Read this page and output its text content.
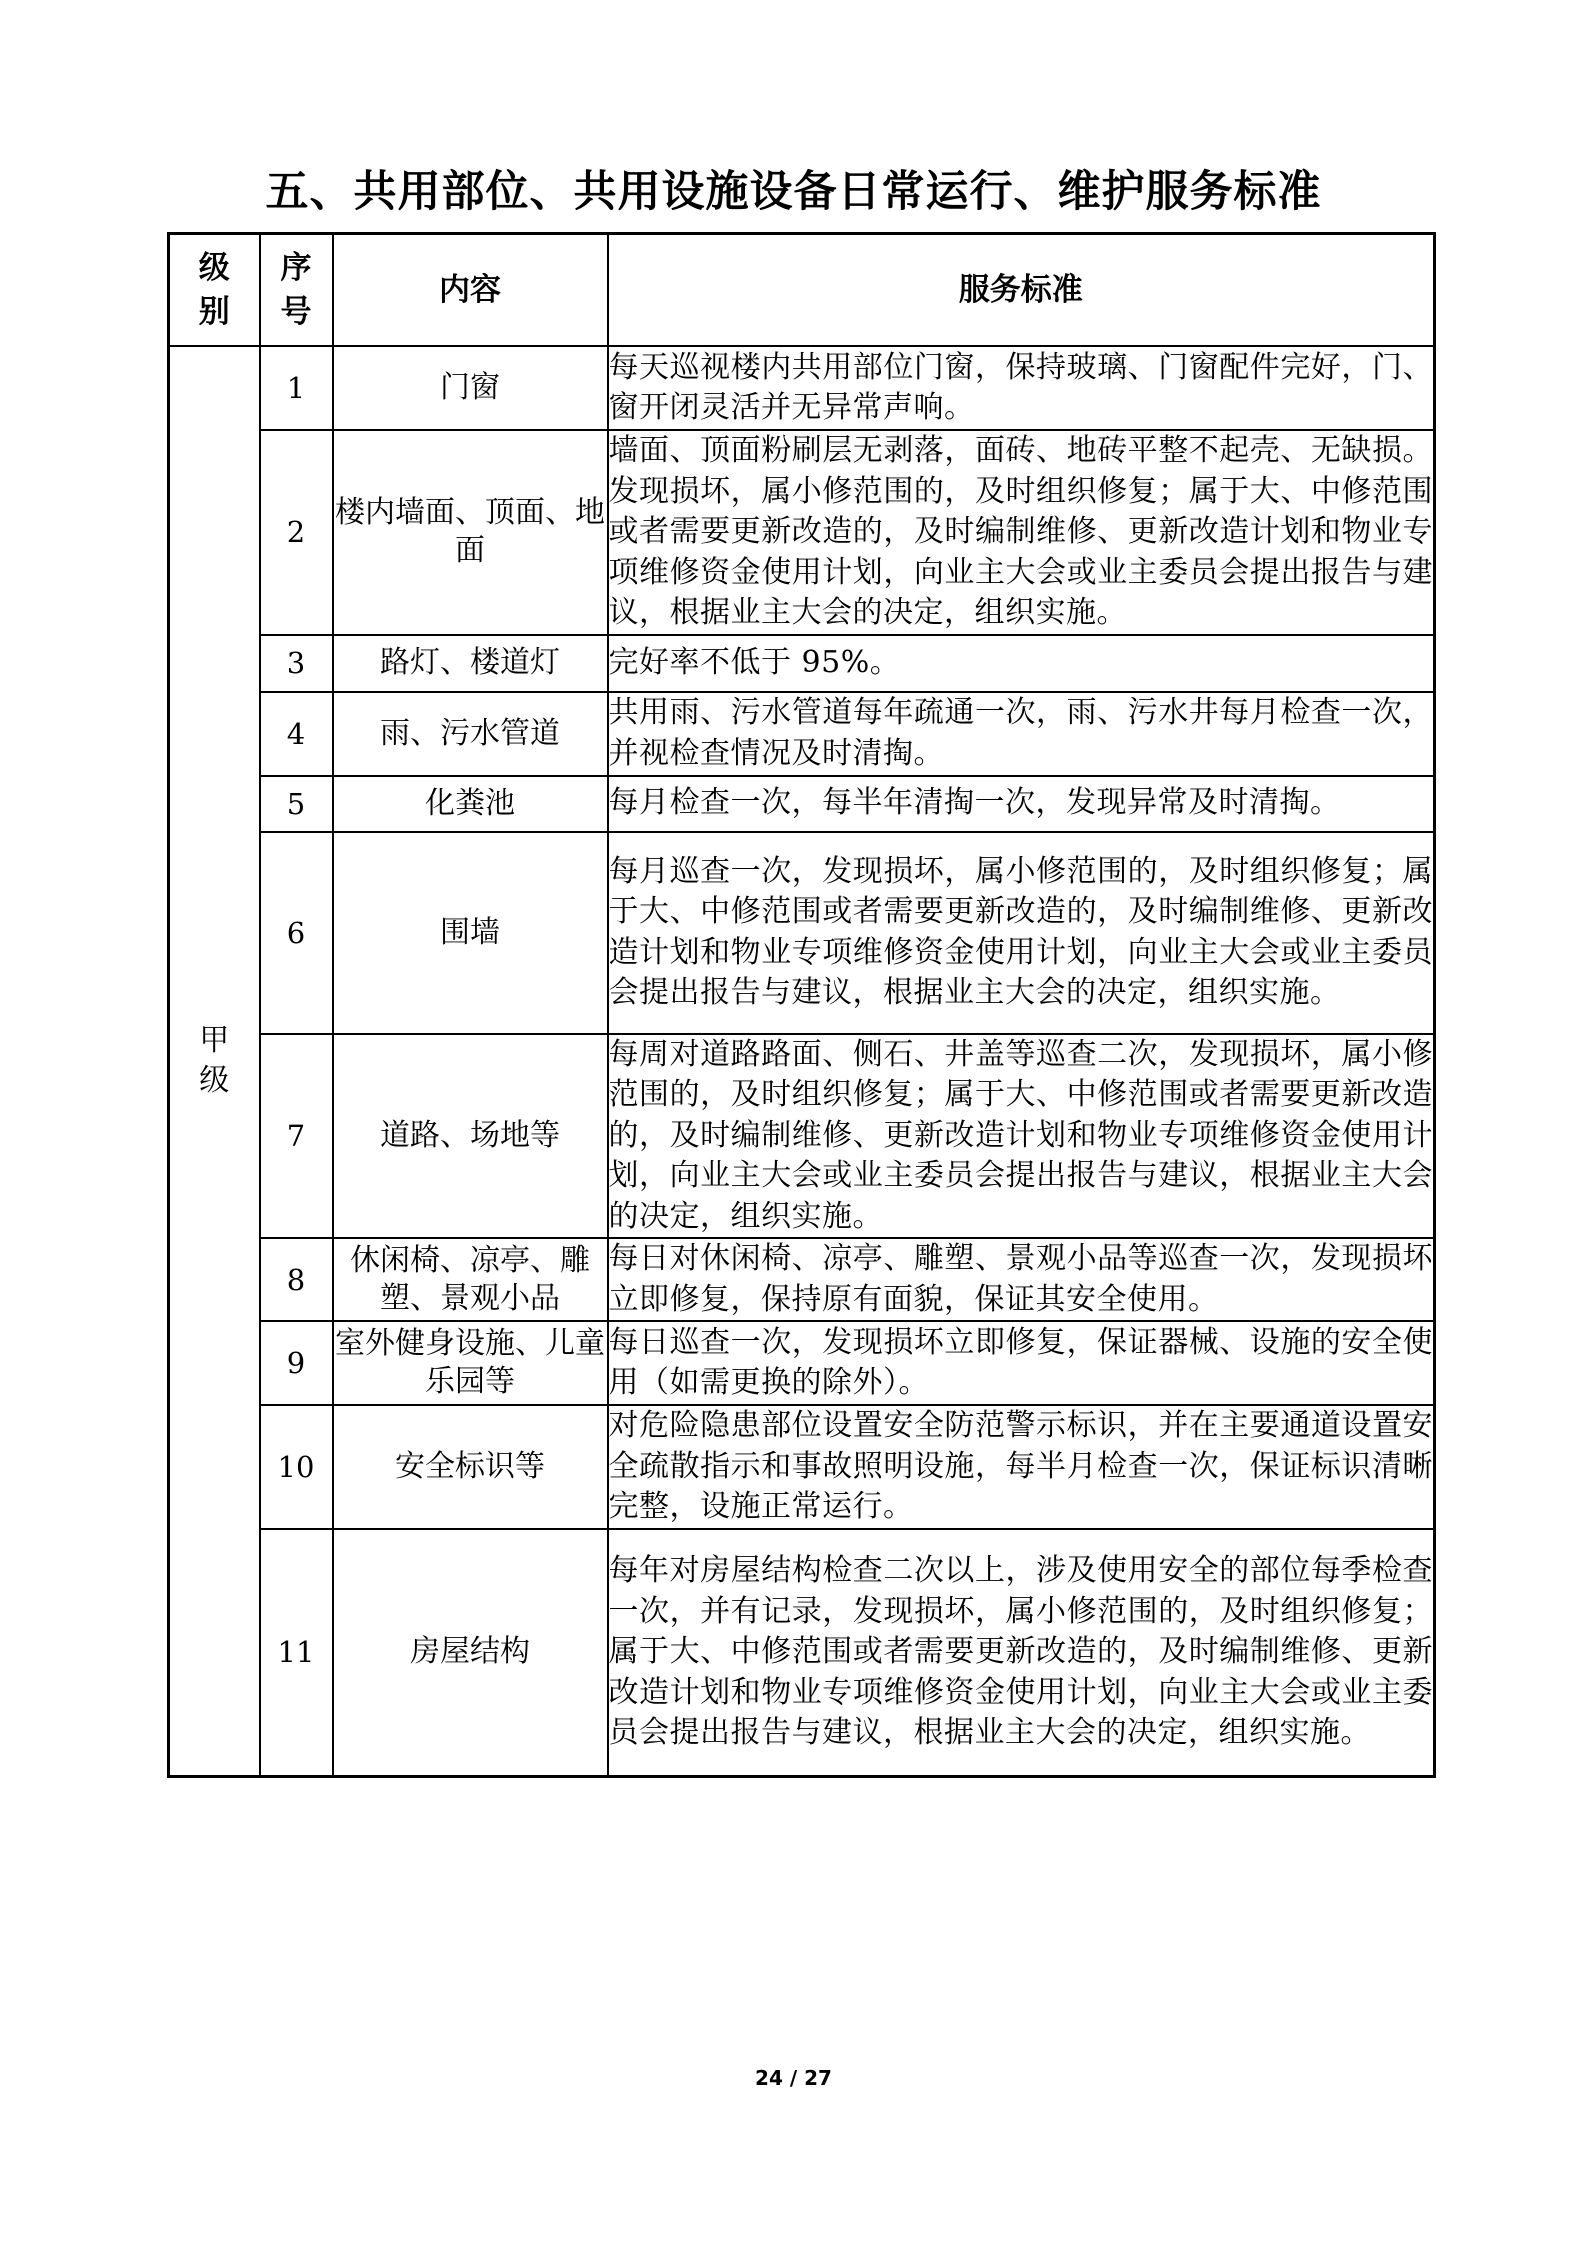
五、共用部位、共用设施设备日常运行、维护服务标准
级别	序号	内容	服务标准
甲级	1	门窗	每天巡视楼内共用部位门窗，保持玻璃、门窗配件完好，门、窗开闭灵活并无异常声响。
	2	楼内墙面、顶面、地面	墙面、顶面粉刷层无剥落，面砖、地砖平整不起壳、无缺损。发现损坏，属小修范围的，及时组织修复；属于大、中修范围或者需要更新改造的，及时编制维修、更新改造计划和物业专项维修资金使用计划，向业主大会或业主委员会提出报告与建议，根据业主大会的决定，组织实施。
	3	路灯、楼道灯	完好率不低于 95%。
	4	雨、污水管道	共用雨、污水管道每年疏通一次，雨、污水井每月检查一次，并视检查情况及时清掏。
	5	化粪池	每月检查一次，每半年清掏一次，发现异常及时清掏。
	6	围墙	每月巡查一次，发现损坏，属小修范围的，及时组织修复；属于大、中修范围或者需要更新改造的，及时编制维修、更新改造计划和物业专项维修资金使用计划，向业主大会或业主委员会提出报告与建议，根据业主大会的决定，组织实施。
	7	道路、场地等	每周对道路路面、侧石、井盖等巡查二次，发现损坏，属小修范围的，及时组织修复；属于大、中修范围或者需要更新改造的，及时编制维修、更新改造计划和物业专项维修资金使用计划，向业主大会或业主委员会提出报告与建议，根据业主大会的决定，组织实施。
	8	休闲椅、凉亭、雕塑、景观小品	每日对休闲椅、凉亭、雕塑、景观小品等巡查一次，发现损坏立即修复，保持原有面貌，保证其安全使用。
	9	室外健身设施、儿童乐园等	每日巡查一次，发现损坏立即修复，保证器械、设施的安全使用（如需更换的除外）。
	10	安全标识等	对危险隐患部位设置安全防范警示标识，并在主要通道设置安全疏散指示和事故照明设施，每半月检查一次，保证标识清晰完整，设施正常运行。
	11	房屋结构	每年对房屋结构检查二次以上，涉及使用安全的部位每季检查一次，并有记录，发现损坏，属小修范围的，及时组织修复；属于大、中修范围或者需要更新改造的，及时编制维修、更新改造计划和物业专项维修资金使用计划，向业主大会或业主委员会提出报告与建议，根据业主大会的决定，组织实施。
24 / 27
